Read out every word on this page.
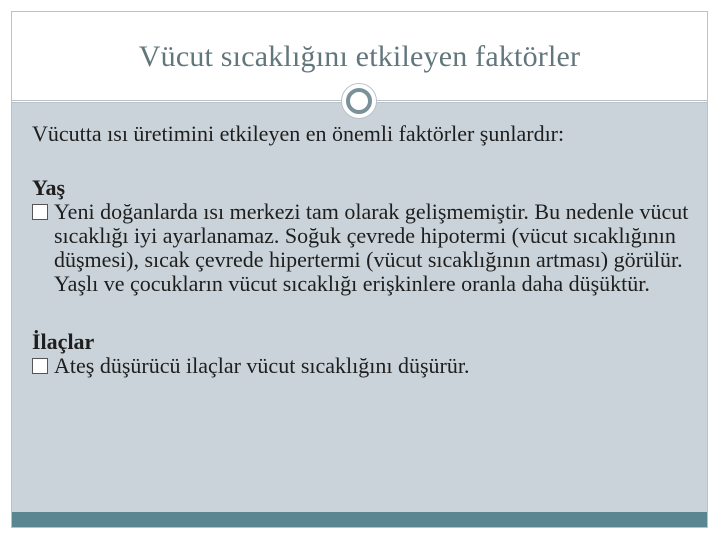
Vücut sıcaklığını etkileyen faktörler

Vücutta ısı üretimini etkileyen en önemli faktörler şunlardır:

Yaş

Yeni doğanlarda ısı merkezi tam olarak gelişmemiştir. Bu nedenle vücut sıcaklığı iyi ayarlanamaz. Soğuk çevrede hipotermi (vücut sıcaklığının düşmesi), sıcak çevrede hipertermi (vücut sıcaklığının artması) görülür. Yaşlı ve çocukların vücut sıcaklığı erişkinlere oranla daha düşüktür.

İlaçlar

Ateş düşürücü ilaçlar vücut sıcaklığını düşürür.
